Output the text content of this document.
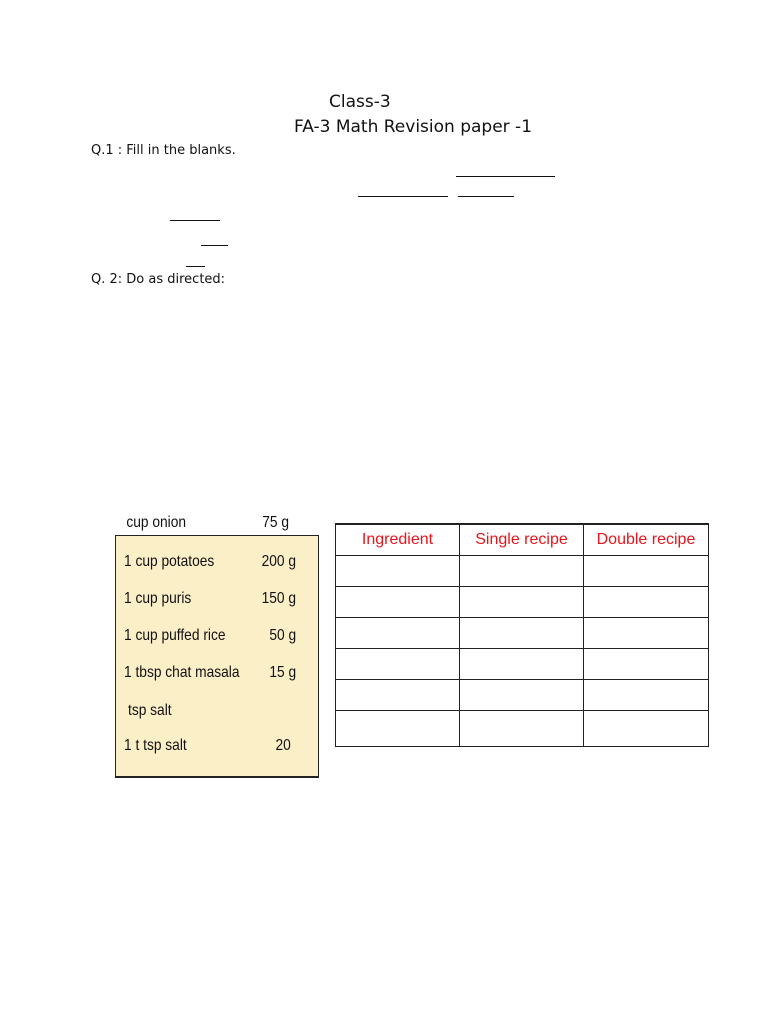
Class-3
FA-3 Math Revision paper -1
Q.1 : Fill in the blanks.
Q. 2: Do as directed:
cup onion	75 g
1 cup potatoes	200 g
1 cup puris	150 g
1 cup puffed rice	50 g
1 tbsp chat masala 15 g
tsp salt
1 t tsp salt	20
Ingredient	Single recipe	Double recipe
